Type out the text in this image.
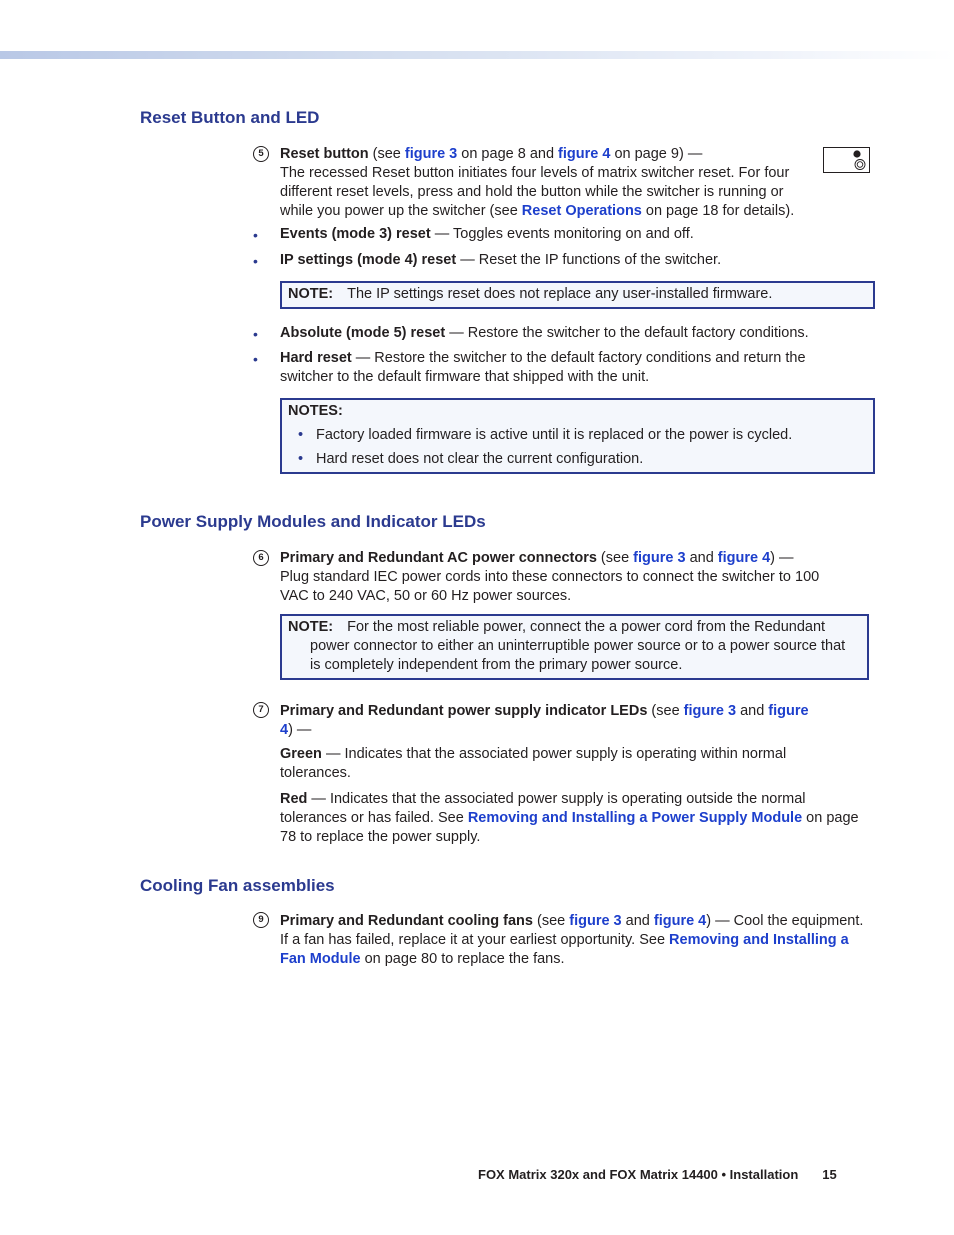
Reset Button and LED
5	Reset button (see figure 3 on page 8 and figure 4 on page 9) —
The recessed Reset button initiates four levels of matrix switcher reset. For four different reset levels, press and hold the button while the switcher is running or while you power up the switcher (see Reset Operations on page 18 for details).

• Events (mode 3) reset — Toggles events monitoring on and off.

• IP settings (mode 4) reset — Reset the IP functions of the switcher.

NOTE: The IP settings reset does not replace any user-installed firmware.
• Absolute (mode 5) reset — Restore the switcher to the default factory conditions.

• Hard reset — Restore the switcher to the default factory conditions and return the switcher to the default firmware that shipped with the unit.

NOTES:
• Factory loaded firmware is active until it is replaced or the power is cycled.
• Hard reset does not clear the current configuration.
Power Supply Modules and Indicator LEDs
6	Primary and Redundant AC power connectors (see figure 3 and figure 4) —
Plug standard IEC power cords into these connectors to connect the switcher to 100 VAC to 240 VAC, 50 or 60 Hz power sources.

NOTE: For the most reliable power, connect the a power cord from the Redundant power connector to either an uninterruptible power source or to a power source that is completely independent from the primary power source.
7	Primary and Redundant power supply indicator LEDs (see figure 3 and figure 4) —

Green — Indicates that the associated power supply is operating within normal tolerances.

Red — Indicates that the associated power supply is operating outside the normal tolerances or has failed. See Removing and Installing a Power Supply Module on page 78 to replace the power supply.

Cooling Fan assemblies
9	Primary and Redundant cooling fans (see figure 3 and figure 4) — Cool the equipment. If a fan has failed, replace it at your earliest opportunity. See Removing and Installing a Fan Module on page 80 to replace the fans.

FOX Matrix 320x and FOX Matrix 14400 • Installation 15
